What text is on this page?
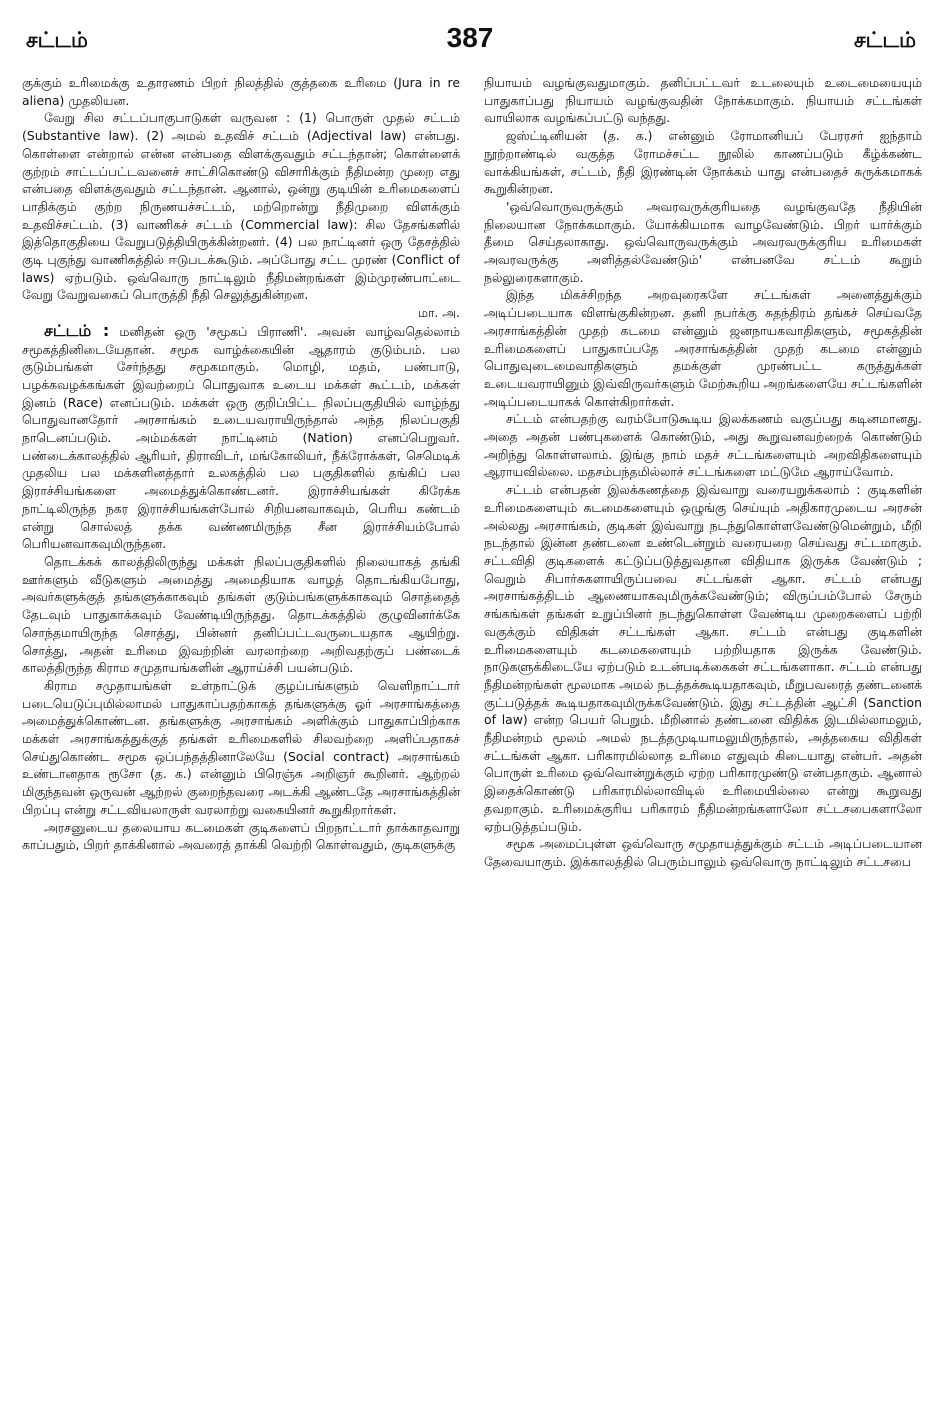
சட்டம்	387	சட்டம்

குக்கும் உரிமைக்கு உதாரணம் பிறர் நிலத்தில் குத்தகை உரிமை (Jura in re aliena) முதலியன.

வேறு சில சட்டப்பாகுபாடுகள் வருவன : (1) பொருள் முதல் சட்டம் (Substantive law). (2) அமல் உதவிச் சட்டம் (Adjectival law) என்பது. கொள்ளை என்றால் என்ன என்பதை விளக்குவதும் சட்டந்தான்; கொள்ளைக் குற்றம் சாட்டப்பட்டவனைச் சாட்சிகொண்டு விசாரிக்கும் நீதிமன்ற முறை எது என்பதை விளக்குவதும் சட்டந்தான். ஆனால், ஒன்று குடியின் உரிமைகளைப் பாதிக்கும் குற்ற நிருணயச்சட்டம், மற்றொன்று நீதிமுறை விளக்கும் உதவிச்சட்டம். (3) வாணிகச் சட்டம் (Commercial law): சில தேசங்களில் இத்தொகுதியை வேறுபடுத்தியிருக்கின்றனர். (4) பல நாட்டினர் ஒரு தேசத்தில் குடி புகுந்து வாணிகத்தில் ஈடுபடக்கூடும். அப்போது சட்ட முரண் (Conflict of laws) ஏற்படும். ஒவ்வொரு நாட்டிலும் நீதிமன்றங்கள் இம்முரண்பாட்டை வேறு வேறுவகைப் பொருத்தி நீதி செலுத்துகின்றன.

மா. அ.

சட்டம் : மனிதன் ஒரு 'சமூகப் பிராணி'. அவன் வாழ்வதெல்லாம் சமூகத்தினிடையேதான். சமூக வாழ்க்கையின் ஆதாரம் குடும்பம். பல குடும்பங்கள் சேர்ந்தது சமூகமாகும். மொழி, மதம், பண்பாடு, பழக்கவழக்கங்கள் இவற்றைப் பொதுவாக உடைய மக்கள் கூட்டம், மக்கள் இனம் (Race) எனப்படும். மக்கள் ஒரு குறிப்பிட்ட நிலப்பகுதியில் வாழ்ந்து பொதுவானதோர் அரசாங்கம் உடையவராயிருந்தால் அந்த நிலப்பகுதி நாடெனப்படும். அம்மக்கள் நாட்டினம் (Nation) எனப்பெறுவர். பண்டைக்காலத்தில் ஆரியர், திராவிடர், மங்கோலியர், நீக்ரோக்கள், செமெடிக் முதலிய பல மக்களினத்தார் உலகத்தில் பல பகுதிகளில் தங்கிப் பல இராச்சியங்களை அமைத்துக்கொண்டனர். இராச்சியங்கள் கிரேக்க நாட்டிலிருந்த நகர இராச்சியங்கள்போல் சிறியனவாகவும், பெரிய கண்டம் என்று சொல்லத் தக்க வண்ணமிருந்த சீன இராச்சியம்போல் பெரியனவாகவுமிருந்தன.

தொடக்கக் காலத்திலிருந்து மக்கள் நிலப்பகுதிகளில் நிலையாகத் தங்கி ஊர்களும் வீடுகளும் அமைத்து அமைதியாக வாழத் தொடங்கியபோது, அவர்களுக்குத் தங்களுக்காகவும் தங்கள் குடும்பங்களுக்காகவும் சொத்தைத் தேடவும் பாதுகாக்கவும் வேண்டியிருந்தது. தொடக்கத்தில் குழுவினர்க்கே சொந்தமாயிருந்த சொத்து, பின்னர் தனிப்பட்டவருடையதாக ஆயிற்று. சொத்து, அதன் உரிமை இவற்றின் வரலாற்றை அறிவதற்குப் பண்டைக் காலத்திருந்த கிராம சமுதாயங்களின் ஆராய்ச்சி பயன்படும்.

கிராம சமுதாயங்கள் உள்நாட்டுக் குழப்பங்களும் வெளிநாட்டார் படையெடுப்புமில்லாமல் பாதுகாப்பதற்காகத் தங்களுக்கு ஓர் அரசாங்கத்தை அமைத்துக்கொண்டன. தங்களுக்கு அரசாங்கம் அளிக்கும் பாதுகாப்பிற்காக மக்கள் அரசாங்கத்துக்குத் தங்கள் உரிமைகளில் சிலவற்றை அளிப்பதாகச் செய்துகொண்ட சமூக ஒப்பந்தத்தினாலேயே (Social contract) அரசாங்கம் உண்டானதாக ரூசோ (த. க.) என்னும் பிரெஞ்சு அறிஞர் கூறினர். ஆற்றல் மிகுந்தவன் ஒருவன் ஆற்றல் குறைந்தவரை அடக்கி ஆண்டதே அரசாங்கத்தின் பிறப்பு என்று சட்டவியலாருள் வரலாற்று வகையினர் கூறுகிறார்கள்.

அரசனுடைய தலையாய கடமைகள் குடிகளைப் பிறநாட்டார் தாக்காதவாறு காப்பதும், பிறர் தாக்கினால் அவரைத் தாக்கி வெற்றி கொள்வதும், குடிகளுக்கு

நியாயம் வழங்குவதுமாகும். தனிப்பட்டவர் உடலையும் உடைமையையும் பாதுகாப்பது நியாயம் வழங்குவதின் நோக்கமாகும். நியாயம் சட்டங்கள் வாயிலாக வழங்கப்பட்டு வந்தது.

ஜஸ்ட்டினியன் (த. க.) என்னும் ரோமானியப் பேரரசர் ஐந்தாம் நூற்றாண்டில் வகுத்த ரோமச்சட்ட நூலில் காணப்படும் கீழ்க்கண்ட வாக்கியங்கள், சட்டம், நீதி இரண்டின் நோக்கம் யாது என்பதைச் சுருக்கமாகக் கூறுகின்றன.

'ஒவ்வொருவருக்கும் அவரவருக்குரியதை வழங்குவதே நீதியின் நிலையான நோக்கமாகும். யோக்கியமாக வாழவேண்டும். பிறர் யார்க்கும் தீமை செய்தலாகாது. ஒவ்வொருவருக்கும் அவரவருக்குரிய உரிமைகள் அவரவருக்கு அளித்தல்வேண்டும்' என்பனவே சட்டம் கூறும் நல்லுரைகளாகும்.

இந்த மிகச்சிறந்த அறவுரைகளே சட்டங்கள் அனைத்துக்கும் அடிப்படையாக விளங்குகின்றன. தனி நபர்க்கு சுதந்திரம் தங்கச் செய்வதே அரசாங்கத்தின் முதற் கடமை என்னும் ஜனநாயகவாதிகளும், சமூகத்தின் உரிமைகளைப் பாதுகாப்பதே அரசாங்கத்தின் முதற் கடமை என்னும் பொதுவுடைமைவாதிகளும் தமக்குள் முரண்பட்ட கருத்துக்கள் உடையவராயினும் இவ்விருவர்களும் மேற்கூறிய அறங்களையே சட்டங்களின் அடிப்படையாகக் கொள்கிறார்கள்.

சட்டம் என்பதற்கு வரம்போடுகூடிய இலக்கணம் வகுப்பது கடினமானது. அதை அதன் பண்புகளைக் கொண்டும், அது கூறுவனவற்றைக் கொண்டும் அறிந்து கொள்ளலாம். இங்கு நாம் மதச் சட்டங்களையும் அறவிதிகளையும் ஆராயவில்லை. மதசம்பந்தமில்லாச் சட்டங்களை மட்டுமே ஆராய்வோம்.

சட்டம் என்பதன் இலக்கணத்தை இவ்வாறு வரையறுக்கலாம் : குடிகளின் உரிமைகளையும் கடமைகளையும் ஒழுங்கு செய்யும் அதிகாரமுடைய அரசன் அல்லது அரசாங்கம், குடிகள் இவ்வாறு நடந்துகொள்ளவேண்டுமென்றும், மீறி நடந்தால் இன்ன தண்டனை உண்டென்றும் வரையறை செய்வது சட்டமாகும். சட்டவிதி குடிகளைக் கட்டுப்படுத்துவதான விதியாக இருக்க வேண்டும் ; வெறும் சிபார்சுகளாயிருப்பவை சட்டங்கள் ஆகா. சட்டம் என்பது அரசாங்கத்திடம் ஆணையாகவுமிருக்கவேண்டும்; விருப்பம்போல் சேரும் சங்கங்கள் தங்கள் உறுப்பினர் நடந்துகொள்ள வேண்டிய முறைகளைப் பற்றி வகுக்கும் விதிகள் சட்டங்கள் ஆகா. சட்டம் என்பது குடிகளின் உரிமைகளையும் கடமைகளையும் பற்றியதாக இருக்க வேண்டும். நாடுகளுக்கிடையே ஏற்படும் உடன்படிக்கைகள் சட்டங்களாகா. சட்டம் என்பது நீதிமன்றங்கள் மூலமாக அமல் நடத்தக்கூடியதாகவும், மீறுபவரைத் தண்டனைக் குட்படுத்தக் கூடியதாகவுமிருக்கவேண்டும். இது சட்டத்தின் ஆட்சி (Sanction of law) என்ற பெயர் பெறும். மீறினால் தண்டனை விதிக்க இடமில்லாமலும், நீதிமன்றம் மூலம் அமல் நடத்தமுடியாமலுமிருந்தால், அத்தகைய விதிகள் சட்டங்கள் ஆகா. பரிகாரமில்லாத உரிமை எதுவும் கிடையாது என்பர். அதன் பொருள் உரிமை ஒவ்வொன்றுக்கும் ஏற்ற பரிகாரமுண்டு என்பதாகும். ஆனால் இதைக்கொண்டு பரிகாரமில்லாவிடில் உரிமையில்லை என்று கூறுவது தவறாகும். உரிமைக்குரிய பரிகாரம் நீதிமன்றங்களாலோ சட்டசபைகளாலோ ஏற்படுத்தப்படும்.

சமூக அமைப்புள்ள ஒவ்வொரு சமுதாயத்துக்கும் சட்டம் அடிப்படையான தேவையாகும். இக்காலத்தில் பெரும்பாலும் ஒவ்வொரு நாட்டிலும் சட்டசபை
